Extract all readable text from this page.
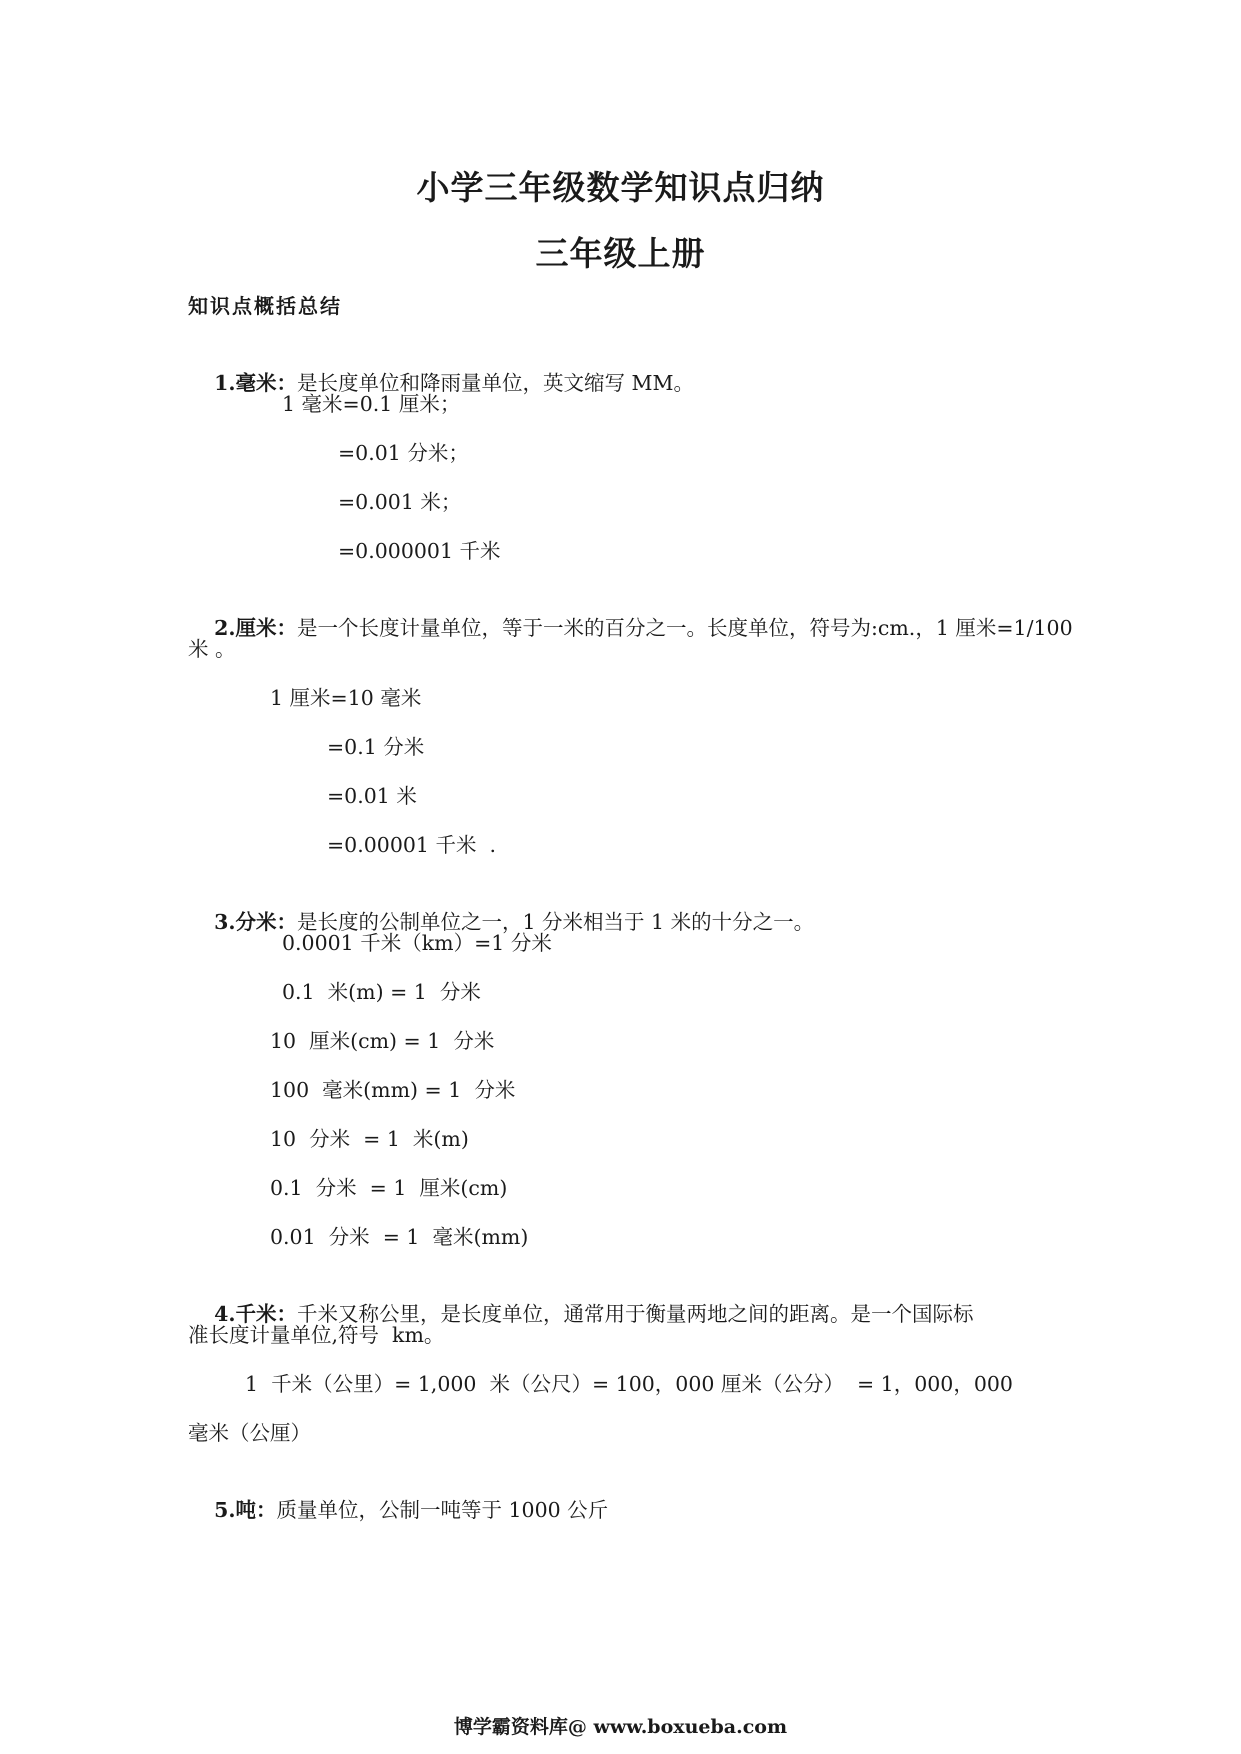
小学三年级数学知识点归纳
三年级上册
知识点概括总结

1.毫米：是长度单位和降雨量单位，英文缩写 MM。

1 毫米=0.1 厘米；
=0.01 分米；
=0.001 米；
=0.000001 千米

2.厘米：是一个长度计量单位，等于一米的百分之一。长度单位，符号为:cm.，1 厘米=1/100

米 。
1 厘米=10 毫米
=0.1 分米
=0.01 米
=0.00001 千米  .

3.分米：是长度的公制单位之一，1 分米相当于 1 米的十分之一。

0.0001 千米（km）=1 分米
0.1  米(m) = 1  分米
10  厘米(cm) = 1  分米
100  毫米(mm) = 1  分米
10  分米  = 1  米(m)
0.1  分米  = 1  厘米(cm)
0.01  分米  = 1  毫米(mm)

4.千米：千米又称公里，是长度单位，通常用于衡量两地之间的距离。是一个国际标

准长度计量单位,符号  km。
1  千米（公里）= 1,000  米（公尺）= 100，000 厘米（公分）  = 1，000，000
毫米（公厘）

5.吨：质量单位，公制一吨等于 1000 公斤

博学霸资料库@ www.boxueba.com
